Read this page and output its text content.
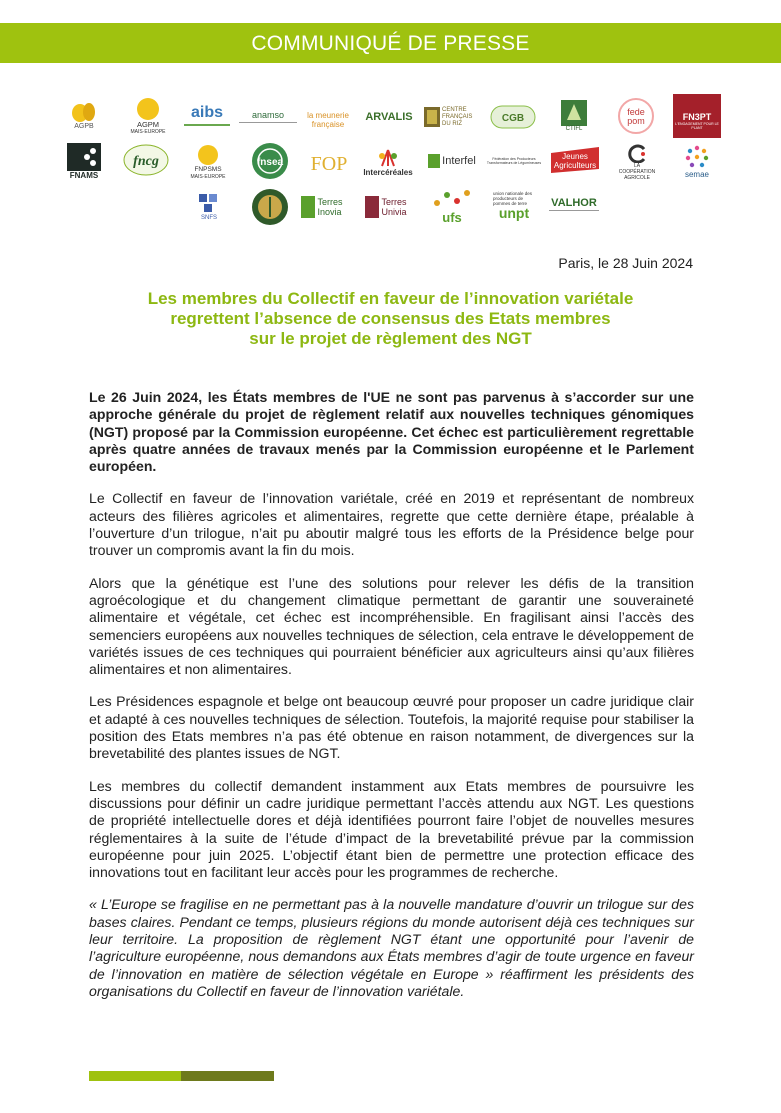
COMMUNIQUÉ DE PRESSE
AGPB	AGPM
MAIS·EUROPE
aibs	anamso	la meunerie française
ARVALIS
CENTRE FRANÇAIS DU RIZ	CGB
CTIFL
fede
pom	FN3PT
L'ENGAGEMENT POUR LE PLANT
FNAMS
fncg
FNPSMS
MAIS·EUROPE
fnsea FOP Intercéréales
Interfel	Fédération des Producteurs Transformateurs de Légumineuses
Jeunes
Agriculteurs	LA COOPÉRATION AGRICOLE	semae
SNFS
Terres Inovia
Terres Univia	ufs
union nationale des producteurs de pommes de terre
unpt
VALHOR
Paris, le 28 Juin 2024
Les membres du Collectif en faveur de l’innovation variétale
regrettent l’absence de consensus des Etats membres
sur le projet de règlement des NGT

Le 26 Juin 2024, les États membres de l'UE ne sont pas parvenus à s’accorder sur une approche générale du projet de règlement relatif aux nouvelles techniques génomiques (NGT) proposé par la Commission européenne. Cet échec est particulièrement regrettable après quatre années de travaux menés par la Commission européenne et le Parlement européen.

Le Collectif en faveur de l’innovation variétale, créé en 2019 et représentant de nombreux acteurs des filières agricoles et alimentaires, regrette que cette dernière étape, préalable à l’ouverture d’un trilogue, n’ait pu aboutir malgré tous les efforts de la Présidence belge pour trouver un compromis avant la fin du mois.

Alors que la génétique est l’une des solutions pour relever les défis de la transition agroécologique et du changement climatique permettant de garantir une souveraineté alimentaire et végétale, cet échec est incompréhensible. En fragilisant ainsi l’accès des semenciers européens aux nouvelles techniques de sélection, cela entrave le développement de variétés issues de ces techniques qui pourraient bénéficier aux agriculteurs ainsi qu’aux filières alimentaires et non alimentaires.

Les Présidences espagnole et belge ont beaucoup œuvré pour proposer un cadre juridique clair et adapté à ces nouvelles techniques de sélection. Toutefois, la majorité requise pour stabiliser la position des Etats membres n’a pas été obtenue en raison notamment, de divergences sur la brevetabilité des plantes issues de NGT.

Les membres du collectif demandent instamment aux Etats membres de poursuivre les discussions pour définir un cadre juridique permettant l’accès attendu aux NGT. Les questions de propriété intellectuelle dores et déjà identifiées pourront faire l’objet de nouvelles mesures réglementaires à la suite de l’étude d’impact de la brevetabilité prévue par la commission européenne pour juin 2025. L’objectif étant bien de permettre une protection efficace des innovations tout en facilitant leur accès pour les programmes de recherche.

« L’Europe se fragilise en ne permettant pas à la nouvelle mandature d’ouvrir un trilogue sur des bases claires. Pendant ce temps, plusieurs régions du monde autorisent déjà ces techniques sur leur territoire. La proposition de règlement NGT étant une opportunité pour l’avenir de l’agriculture européenne, nous demandons aux États membres d’agir de toute urgence en faveur de l’innovation en matière de sélection végétale en Europe » réaffirment les présidents des organisations du Collectif en faveur de l’innovation variétale.
